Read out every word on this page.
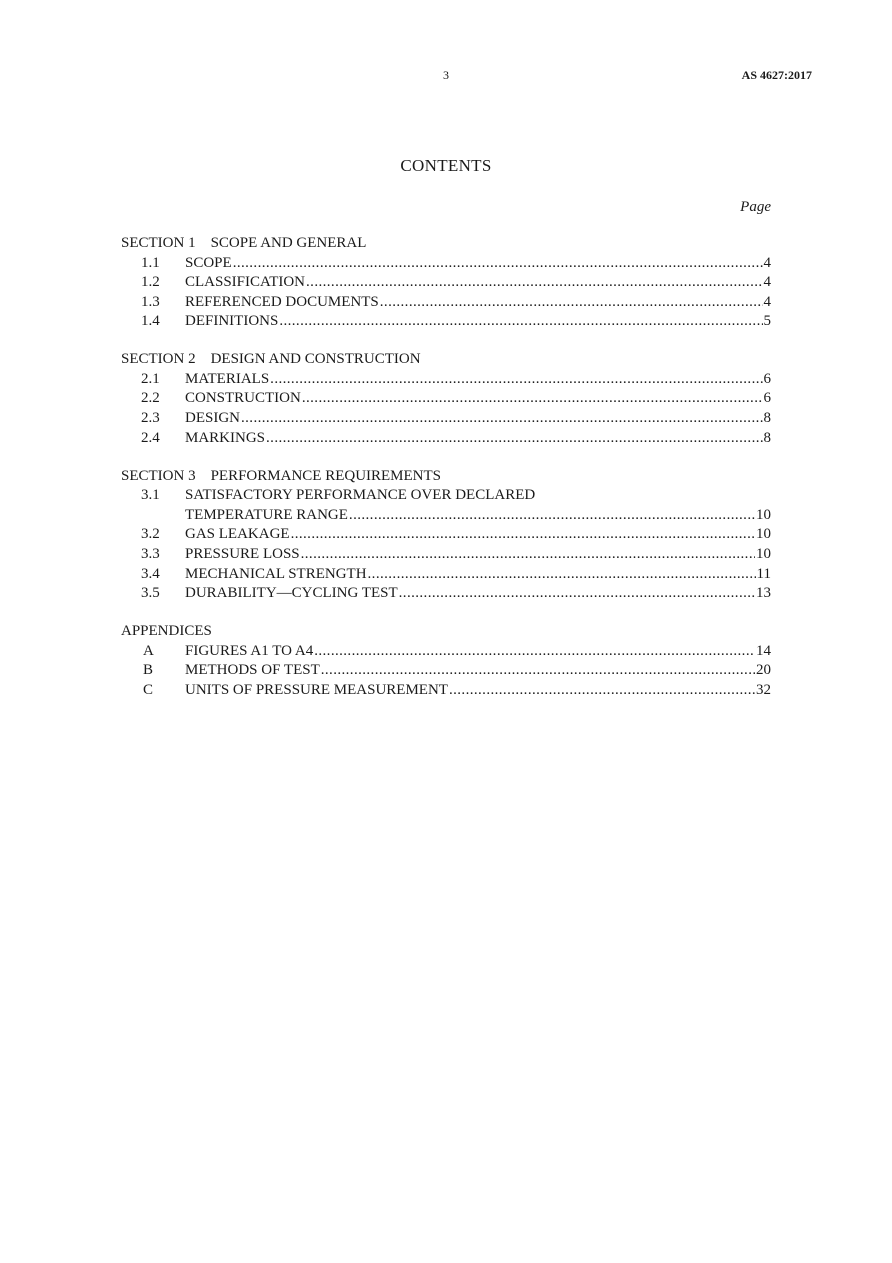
3	AS 4627:2017
CONTENTS
Page
SECTION 1    SCOPE AND GENERAL
1.1	SCOPE .....	4
1.2	CLASSIFICATION .....	4
1.3	REFERENCED DOCUMENTS .....	4
1.4	DEFINITIONS .....	5
SECTION 2    DESIGN AND CONSTRUCTION
2.1	MATERIALS .....	6
2.2	CONSTRUCTION .....	6
2.3	DESIGN .....	8
2.4	MARKINGS .....	8
SECTION 3    PERFORMANCE REQUIREMENTS
3.1	SATISFACTORY PERFORMANCE OVER DECLARED
TEMPERATURE RANGE .....	10
3.2	GAS LEAKAGE .....	10
3.3	PRESSURE LOSS .....	10
3.4	MECHANICAL STRENGTH .....	11
3.5	DURABILITY—CYCLING TEST .....	13
APPENDICES
A	FIGURES A1 TO A4 .....	14
B	METHODS OF TEST .....	20
C	UNITS OF PRESSURE MEASUREMENT .....	32
